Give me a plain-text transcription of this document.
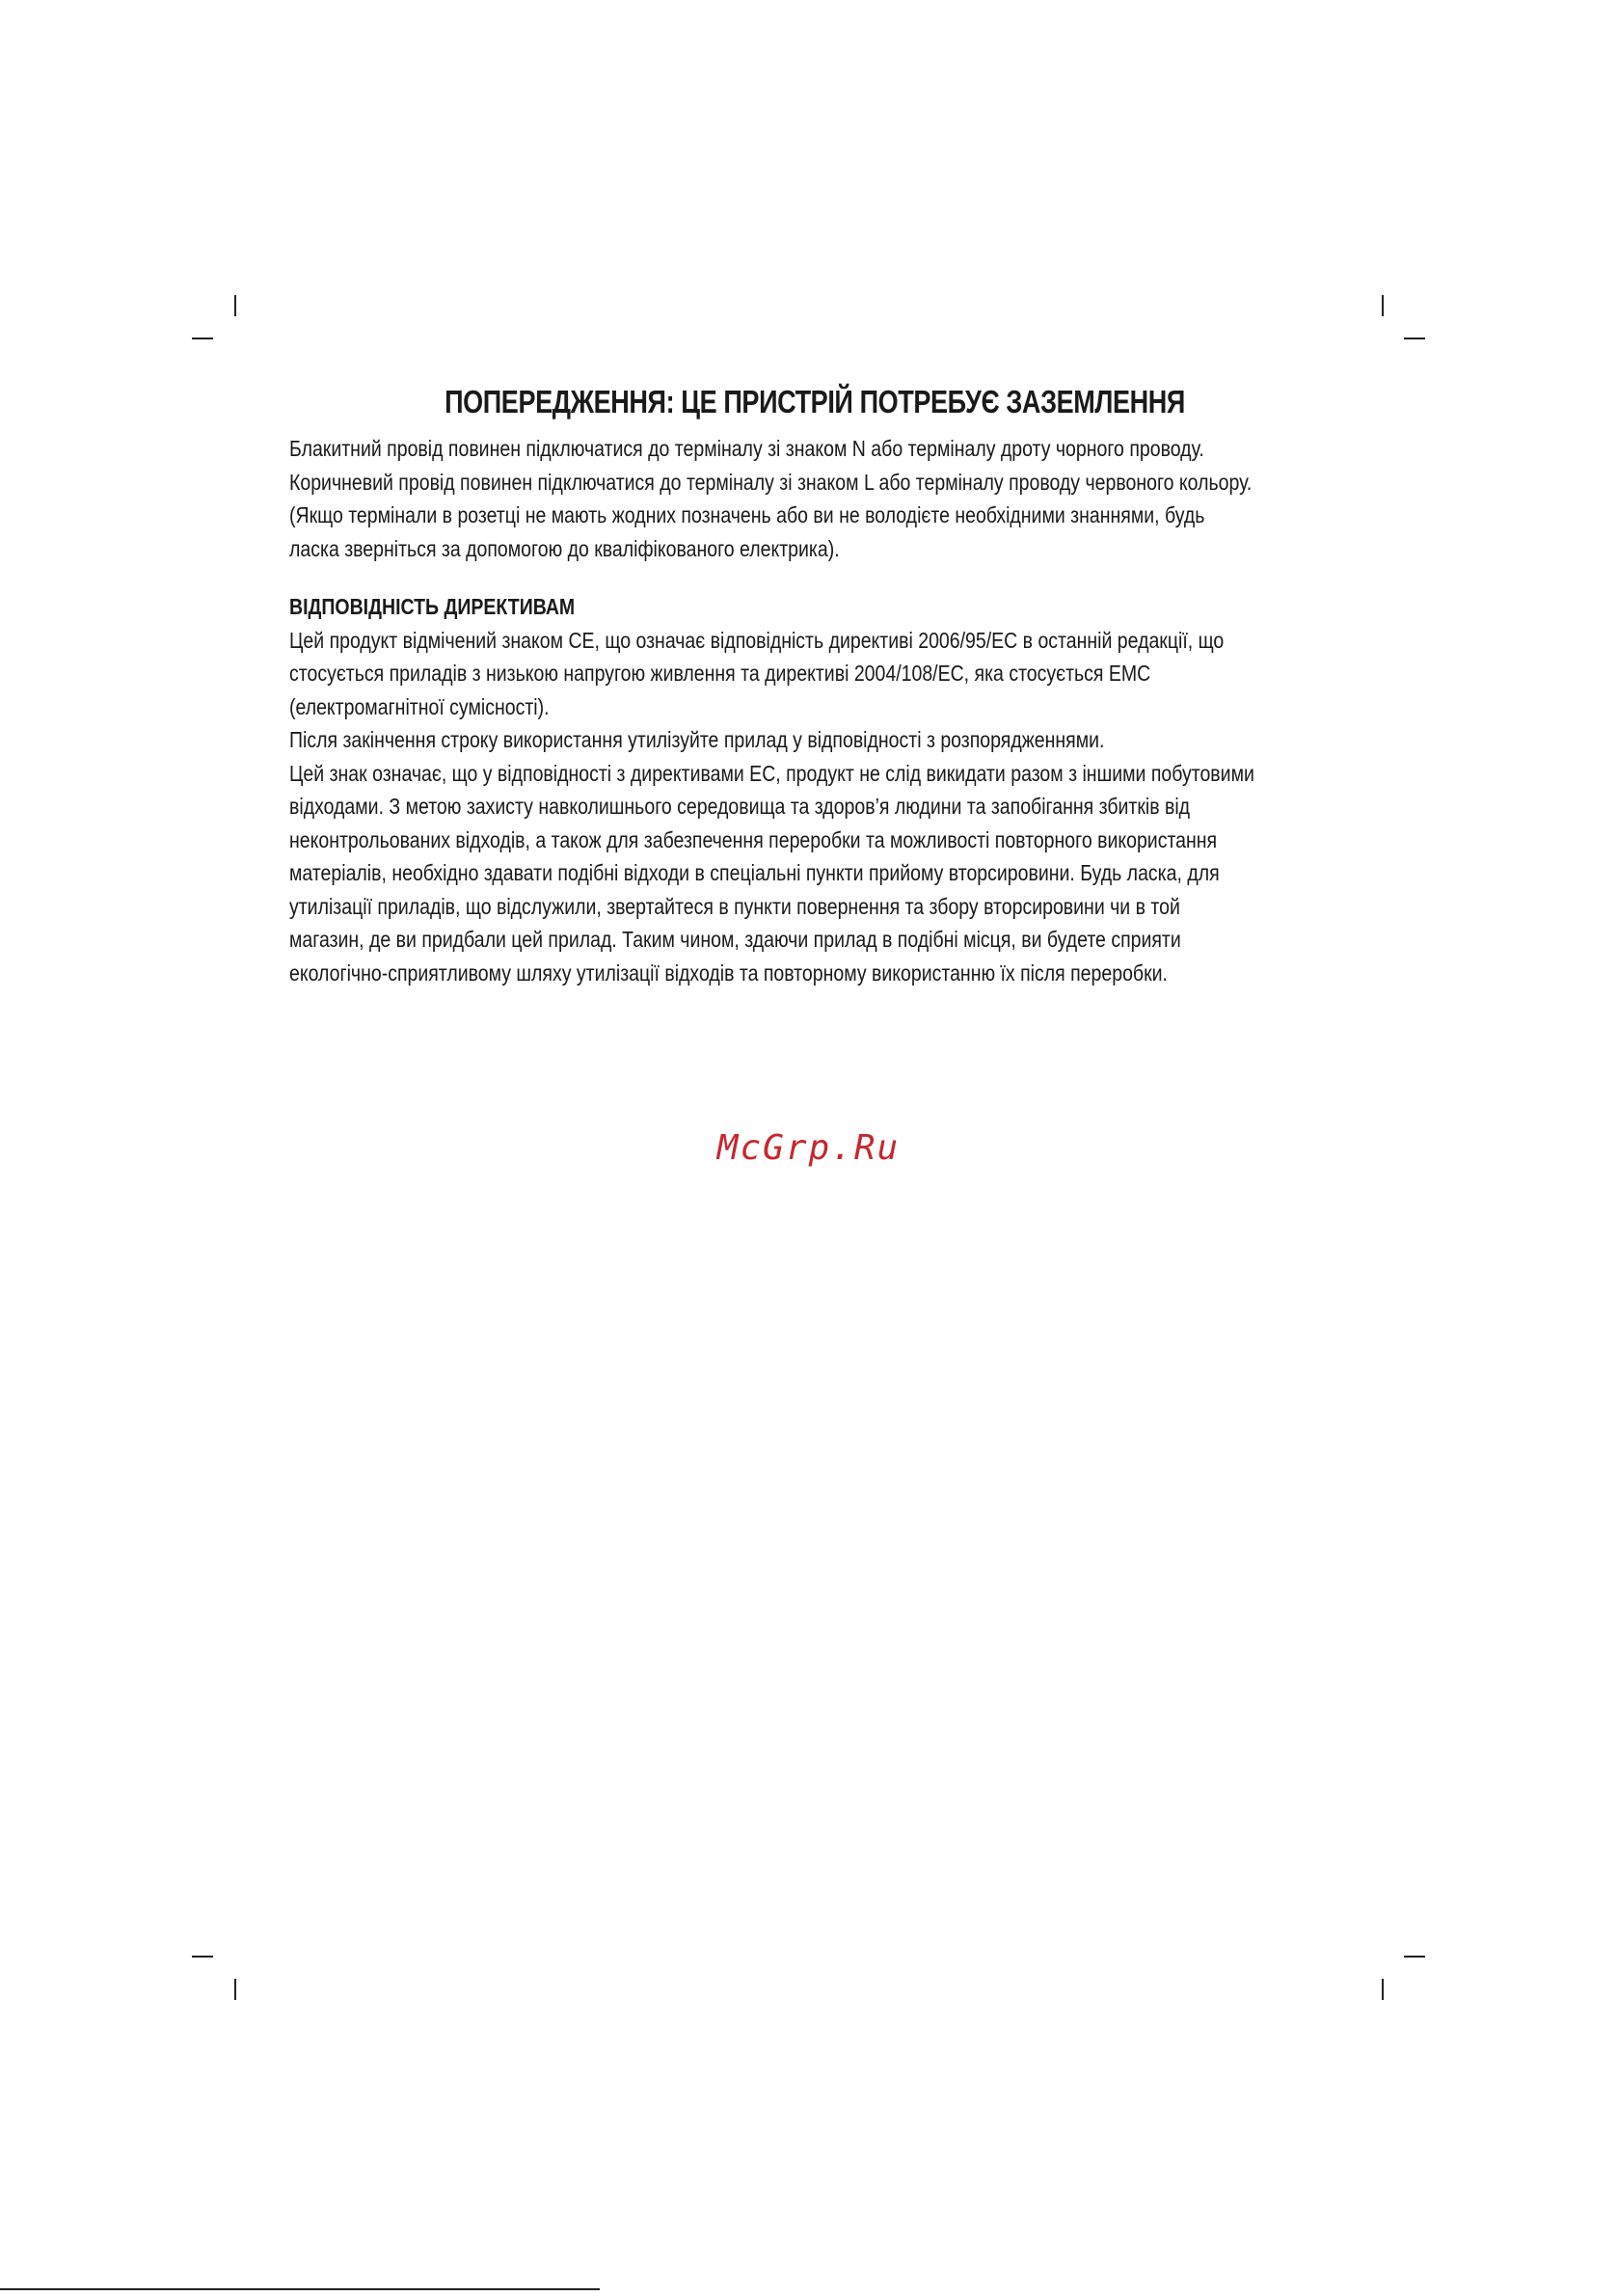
ПОПЕРЕДЖЕННЯ: ЦЕ ПРИСТРІЙ ПОТРЕБУЄ ЗАЗЕМЛЕННЯ

Блакитний провід повинен підключатися до терміналу зі знаком N або терміналу дроту чорного проводу.

Коричневий провід повинен підключатися до терміналу зі знаком L або терміналу проводу червоного кольору.

(Якщо термінали в розетці не мають жодних позначень або ви не володієте необхідними знаннями, будь

ласка зверніться за допомогою до кваліфікованого електрика).

ВІДПОВІДНІСТЬ ДИРЕКТИВАМ

Цей продукт відмічений знаком СЕ, що означає відповідність директиві 2006/95/ЕС в останній редакції, що

стосується приладів з низькою напругою живлення та директиві 2004/108/ЕС, яка стосується ЕМС

(електромагнітної сумісності).

Після закінчення строку використання утилізуйте прилад у відповідності з розпорядженнями.

Цей знак означає, що у відповідності з директивами ЕС, продукт не слід викидати разом з іншими побутовими

відходами. З метою захисту навколишнього середовища та здоров’я людини та запобігання збитків від

неконтрольованих відходів, а також для забезпечення переробки та можливості повторного використання

матеріалів, необхідно здавати подібні відходи в спеціальні пункти прийому вторсировини. Будь ласка, для

утилізації приладів, що відслужили, звертайтеся в пункти повернення та збору вторсировини чи в той

магазин, де ви придбали цей прилад. Таким чином, здаючи прилад в подібні місця, ви будете сприяти

екологічно-сприятливому шляху утилізації відходів та повторному використанню їх після переробки.

McGrp.Ru
